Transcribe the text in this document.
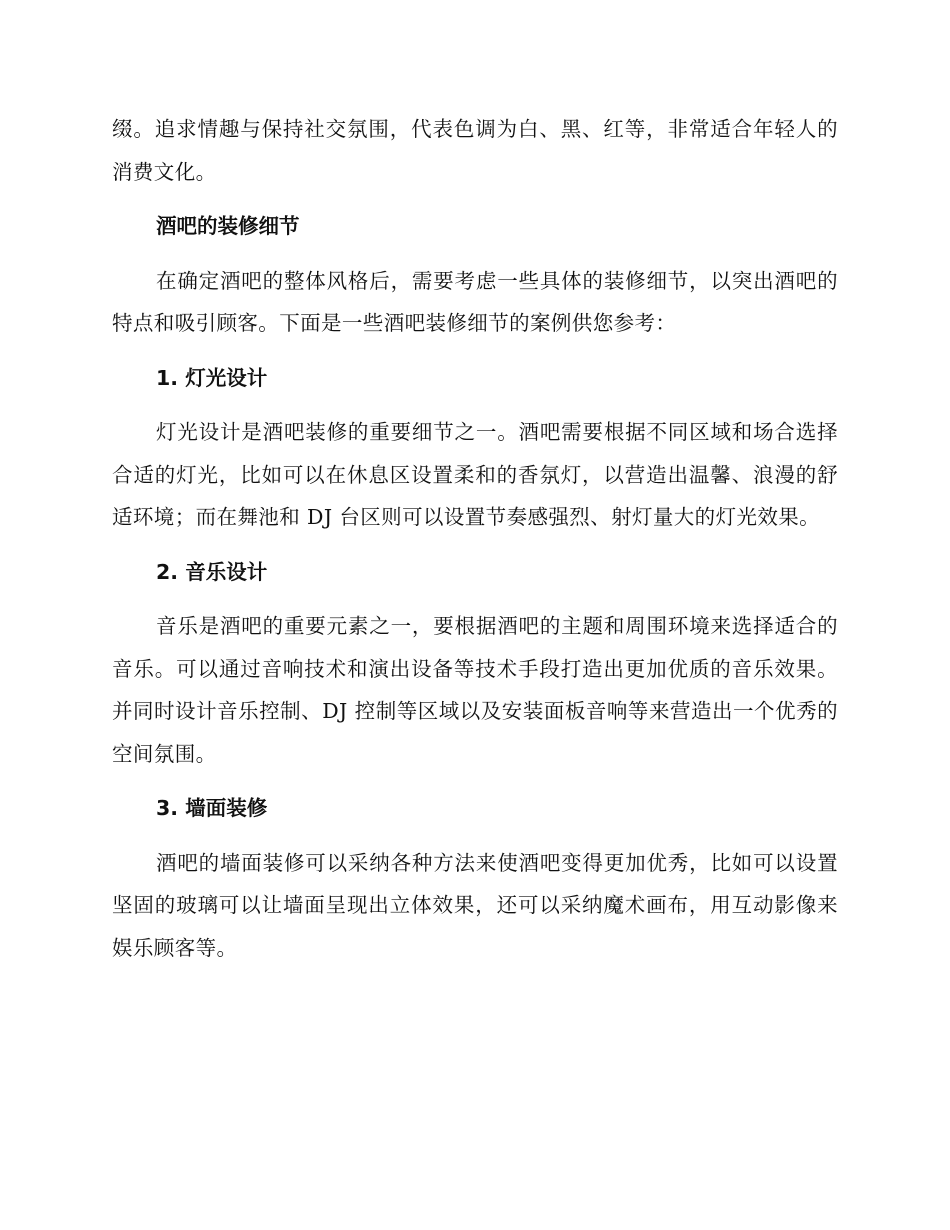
缀。追求情趣与保持社交氛围，代表色调为白、黑、红等，非常适合年轻人的消费文化。

酒吧的装修细节

在确定酒吧的整体风格后，需要考虑一些具体的装修细节，以突出酒吧的特点和吸引顾客。下面是一些酒吧装修细节的案例供您参考：

1. 灯光设计

灯光设计是酒吧装修的重要细节之一。酒吧需要根据不同区域和场合选择合适的灯光，比如可以在休息区设置柔和的香氛灯，以营造出温馨、浪漫的舒适环境；而在舞池和 DJ 台区则可以设置节奏感强烈、射灯量大的灯光效果。

2. 音乐设计

音乐是酒吧的重要元素之一，要根据酒吧的主题和周围环境来选择适合的音乐。可以通过音响技术和演出设备等技术手段打造出更加优质的音乐效果。并同时设计音乐控制、DJ 控制等区域以及安装面板音响等来营造出一个优秀的空间氛围。

3. 墙面装修

酒吧的墙面装修可以采纳各种方法来使酒吧变得更加优秀，比如可以设置坚固的玻璃可以让墙面呈现出立体效果，还可以采纳魔术画布，用互动影像来娱乐顾客等。
